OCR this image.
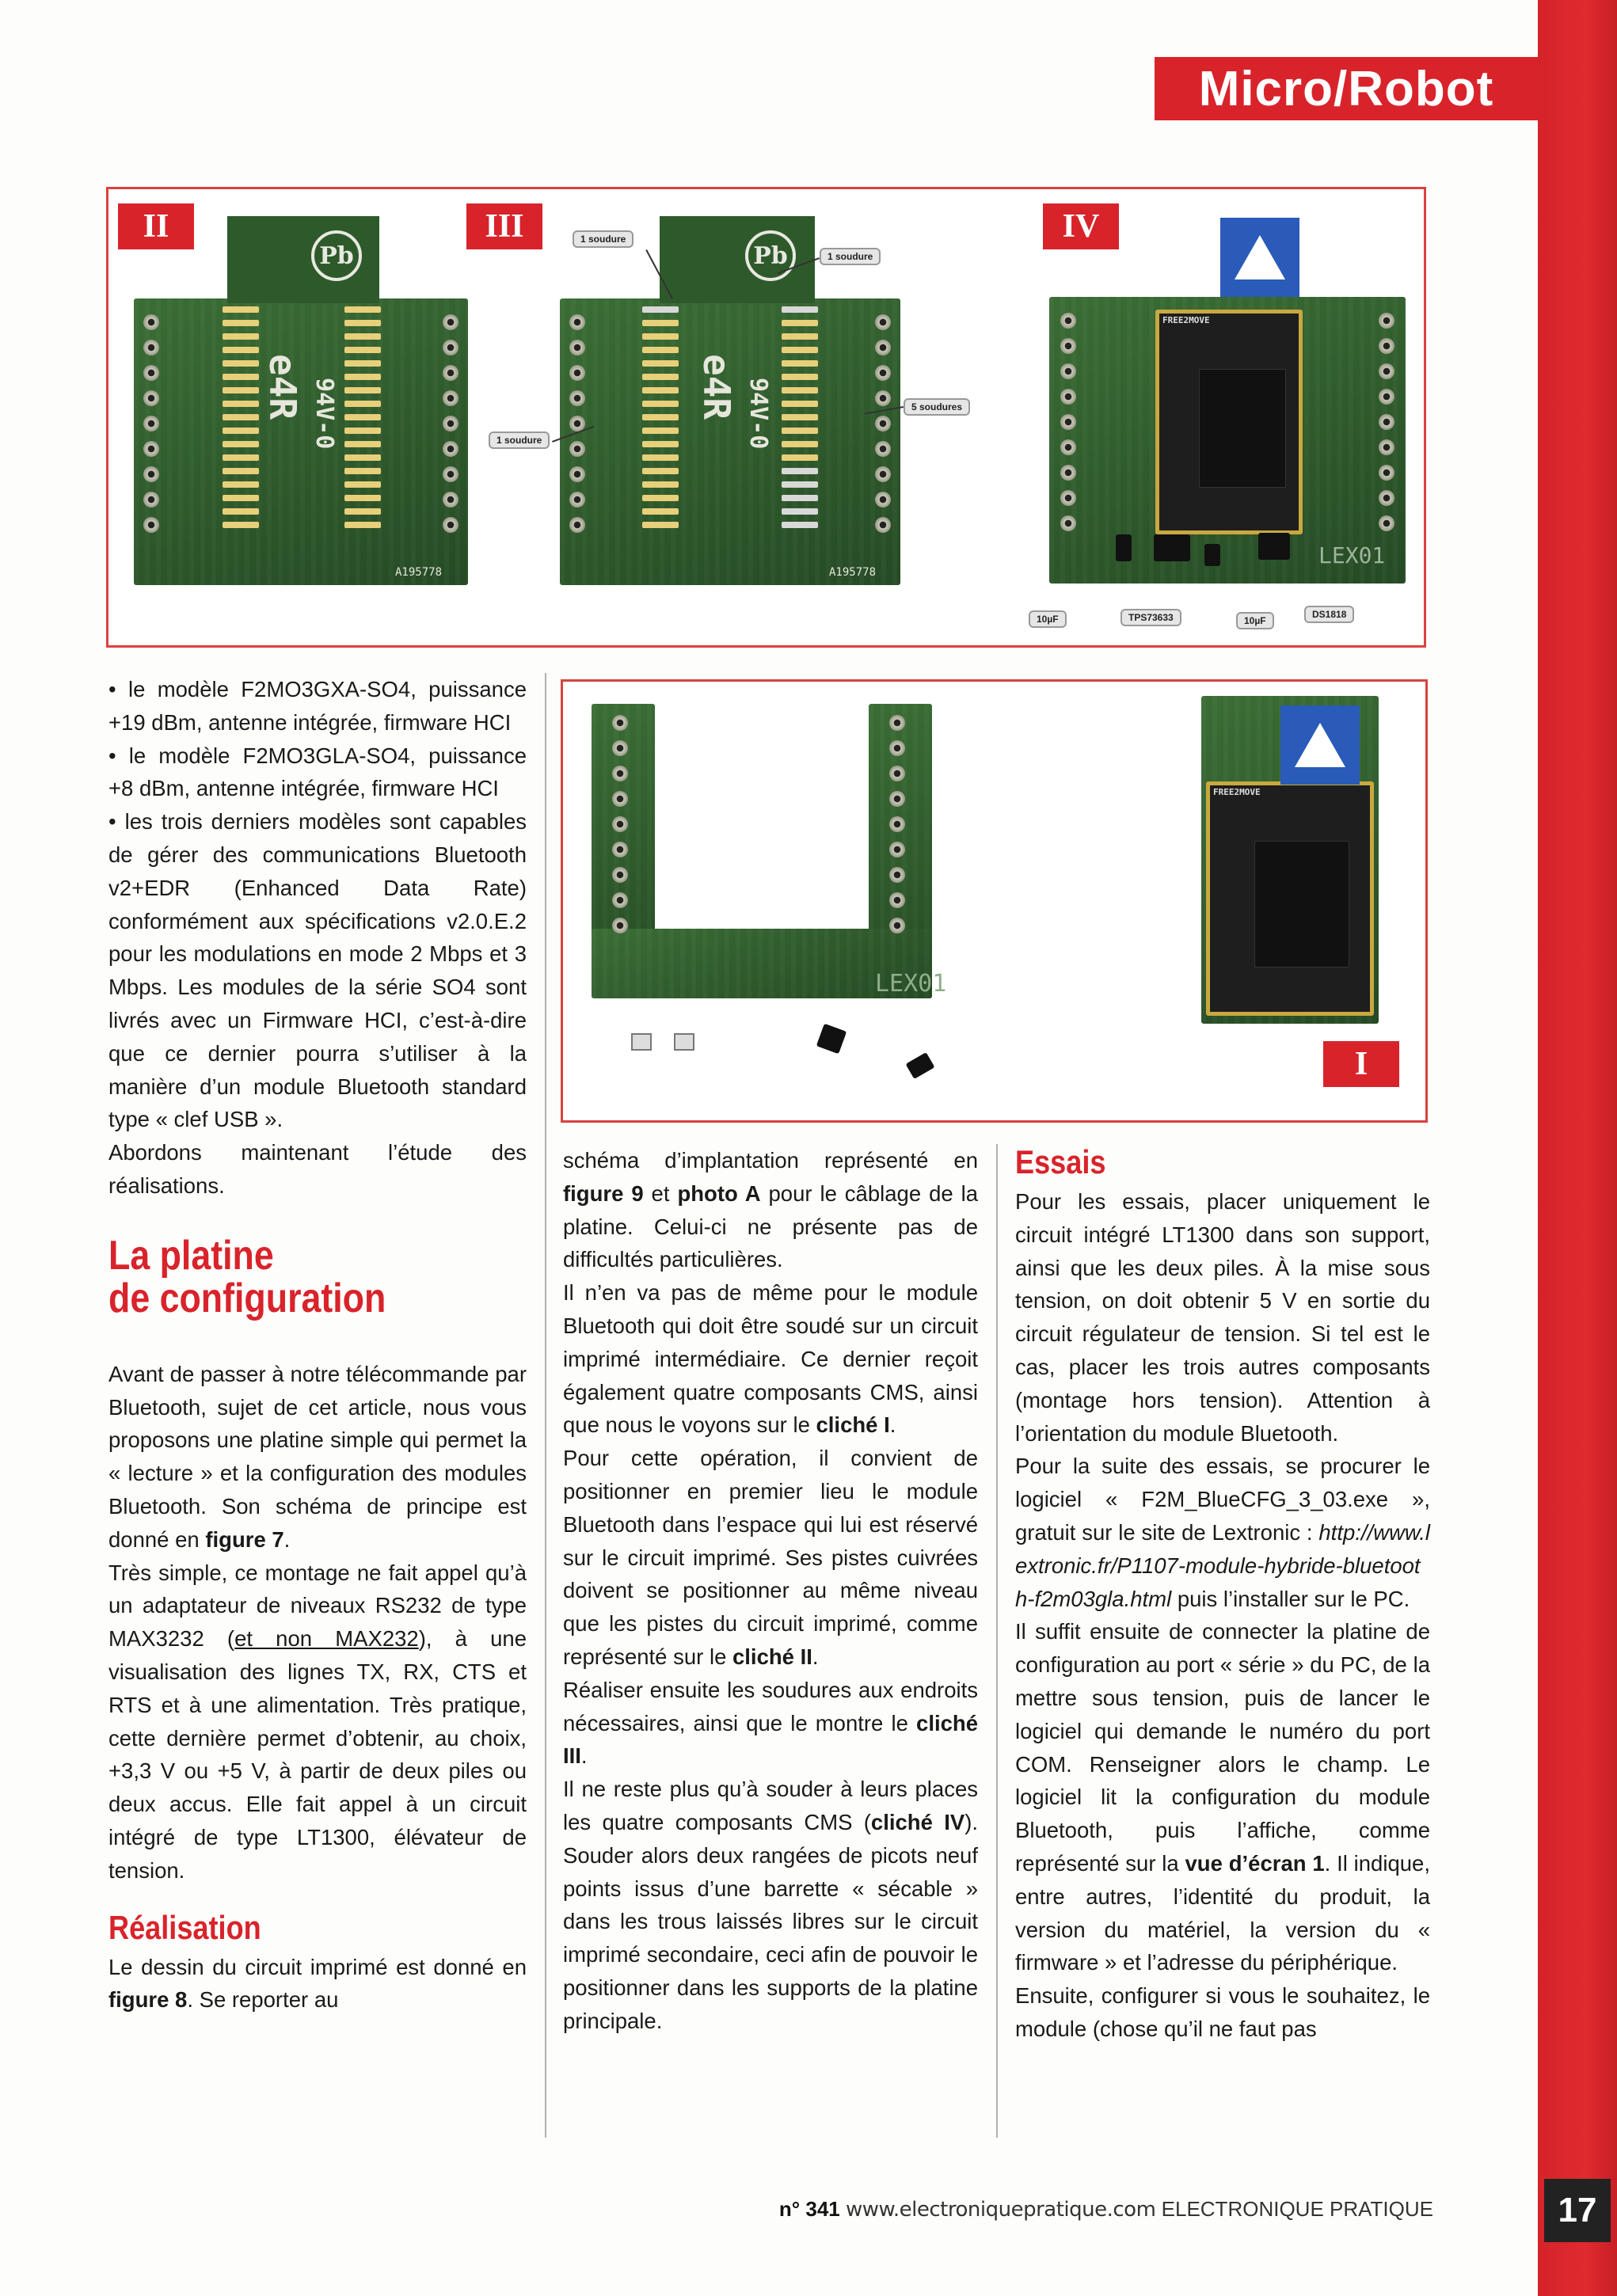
Micro/Robot
Pb
e4R 94V-0
A195778
II
Pb
e4R 94V-0
A195778
III	1 soudure
1 soudure
1 soudure
5 soudures
FREE2MOVE
LEX01
IV
10µF	TPS73633	10µF
DS1818
LEX01
FREE2MOVE
I

• le modèle F2MO3GXA-SO4, puissance +19 dBm, antenne intégrée, firmware HCI

• le modèle F2MO3GLA-SO4, puissance +8 dBm, antenne intégrée, firmware HCI

• les trois derniers modèles sont capables de gérer des communications Bluetooth v2+EDR (Enhanced Data Rate) conformément aux spécifications v2.0.E.2 pour les modulations en mode 2 Mbps et 3 Mbps. Les modules de la série SO4 sont livrés avec un Firmware HCI, c’est-à-dire que ce dernier pourra s’utiliser à la manière d’un module Bluetooth standard type « clef USB ».

Abordons maintenant l’étude des réalisations.

La platine
de configuration

Avant de passer à notre télécommande par Bluetooth, sujet de cet article, nous vous proposons une platine simple qui permet la « lecture » et la configuration des modules Bluetooth. Son schéma de principe est donné en figure 7.

Très simple, ce montage ne fait appel qu’à un adaptateur de niveaux RS232 de type MAX3232 (et non MAX232), à une visualisation des lignes TX, RX, CTS et RTS et à une alimentation. Très pratique, cette dernière permet d’obtenir, au choix, +3,3 V ou +5 V, à partir de deux piles ou deux accus. Elle fait appel à un circuit intégré de type LT1300, élévateur de tension.

Réalisation

Le dessin du circuit imprimé est donné en figure 8. Se reporter au

schéma d’implantation représenté en figure 9 et photo A pour le câblage de la platine. Celui-ci ne présente pas de difficultés particulières.

Il n’en va pas de même pour le module Bluetooth qui doit être soudé sur un circuit imprimé intermédiaire. Ce dernier reçoit également quatre composants CMS, ainsi que nous le voyons sur le cliché I.

Pour cette opération, il convient de positionner en premier lieu le module Bluetooth dans l’espace qui lui est réservé sur le circuit imprimé. Ses pistes cuivrées doivent se positionner au même niveau que les pistes du circuit imprimé, comme représenté sur le cliché II.

Réaliser ensuite les soudures aux endroits nécessaires, ainsi que le montre le cliché III.

Il ne reste plus qu’à souder à leurs places les quatre composants CMS (cliché IV). Souder alors deux rangées de picots neuf points issus d’une barrette « sécable » dans les trous laissés libres sur le circuit imprimé secondaire, ceci afin de pouvoir le positionner dans les supports de la platine principale.

Essais

Pour les essais, placer uniquement le circuit intégré LT1300 dans son support, ainsi que les deux piles. À la mise sous tension, on doit obtenir 5 V en sortie du circuit régulateur de tension. Si tel est le cas, placer les trois autres composants (montage hors tension). Attention à l’orientation du module Bluetooth.

Pour la suite des essais, se procurer le logiciel « F2M_BlueCFG_3_03.exe », gratuit sur le site de Lextronic : http://www.lextronic.fr/P1107-module-hybride-bluetooth-f2m03gla.html puis l’installer sur le PC.

Il suffit ensuite de connecter la platine de configuration au port « série » du PC, de la mettre sous tension, puis de lancer le logiciel qui demande le numéro du port COM. Renseigner alors le champ. Le logiciel lit la configuration du module Bluetooth, puis l’affiche, comme représenté sur la vue d’écran 1. Il indique, entre autres, l’identité du produit, la version du matériel, la version du « firmware » et l’adresse du périphérique.

Ensuite, configurer si vous le souhaitez, le module (chose qu’il ne faut pas

n° 341 www.electroniquepratique.com ELECTRONIQUE PRATIQUE	17
